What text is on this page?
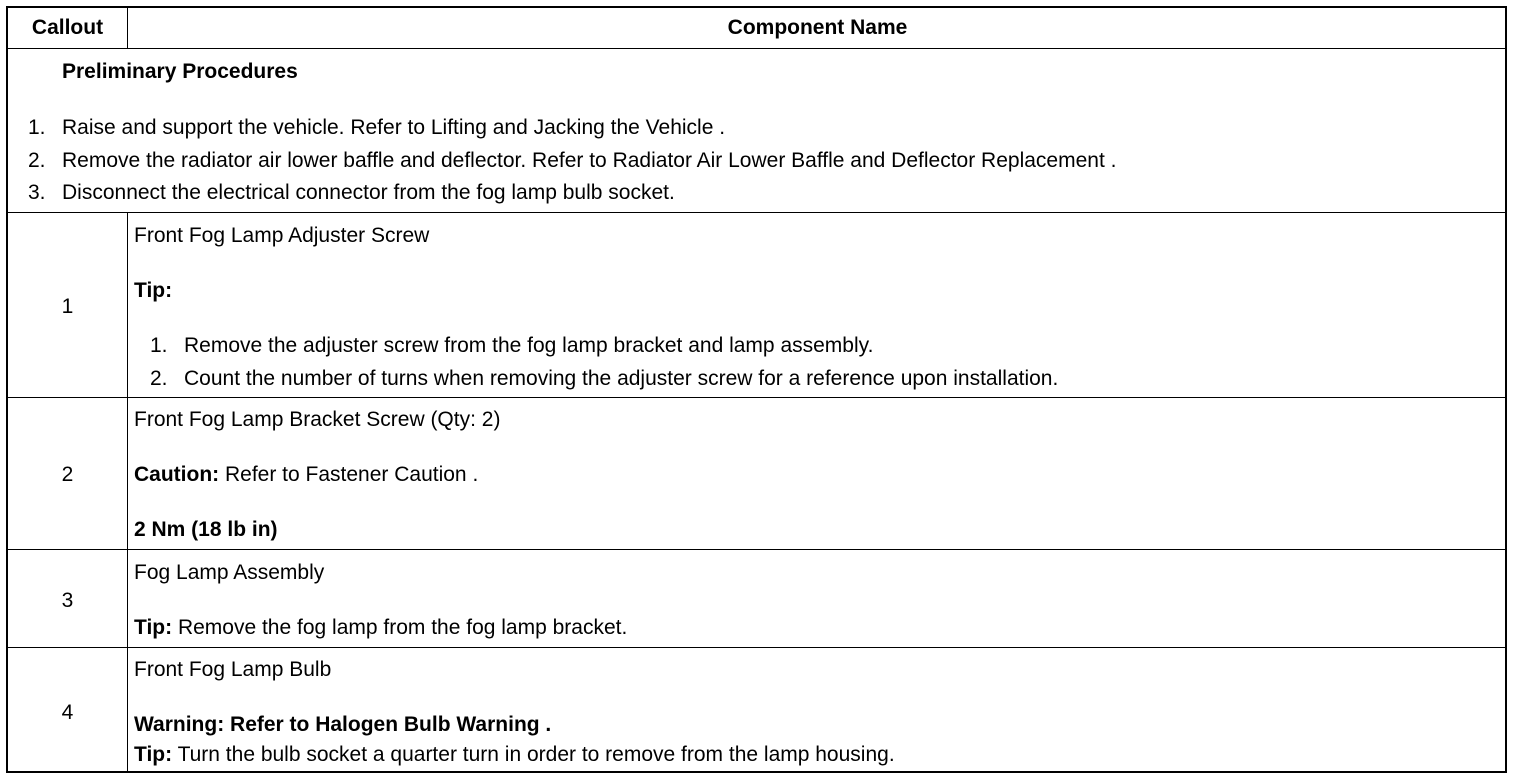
Callout	Component Name
Preliminary Procedures
1. Raise and support the vehicle. Refer to Lifting and Jacking the Vehicle .
2. Remove the radiator air lower baffle and deflector. Refer to Radiator Air Lower Baffle and Deflector Replacement .
3. Disconnect the electrical connector from the fog lamp bulb socket.
1
Front Fog Lamp Adjuster Screw
Tip:
1. Remove the adjuster screw from the fog lamp bracket and lamp assembly.
2. Count the number of turns when removing the adjuster screw for a reference upon installation.
2
Front Fog Lamp Bracket Screw (Qty: 2)
Caution: Refer to Fastener Caution .
2 Nm (18 lb in)
3
Fog Lamp Assembly
Tip: Remove the fog lamp from the fog lamp bracket.
4
Front Fog Lamp Bulb
Warning: Refer to Halogen Bulb Warning .
Tip: Turn the bulb socket a quarter turn in order to remove from the lamp housing.
